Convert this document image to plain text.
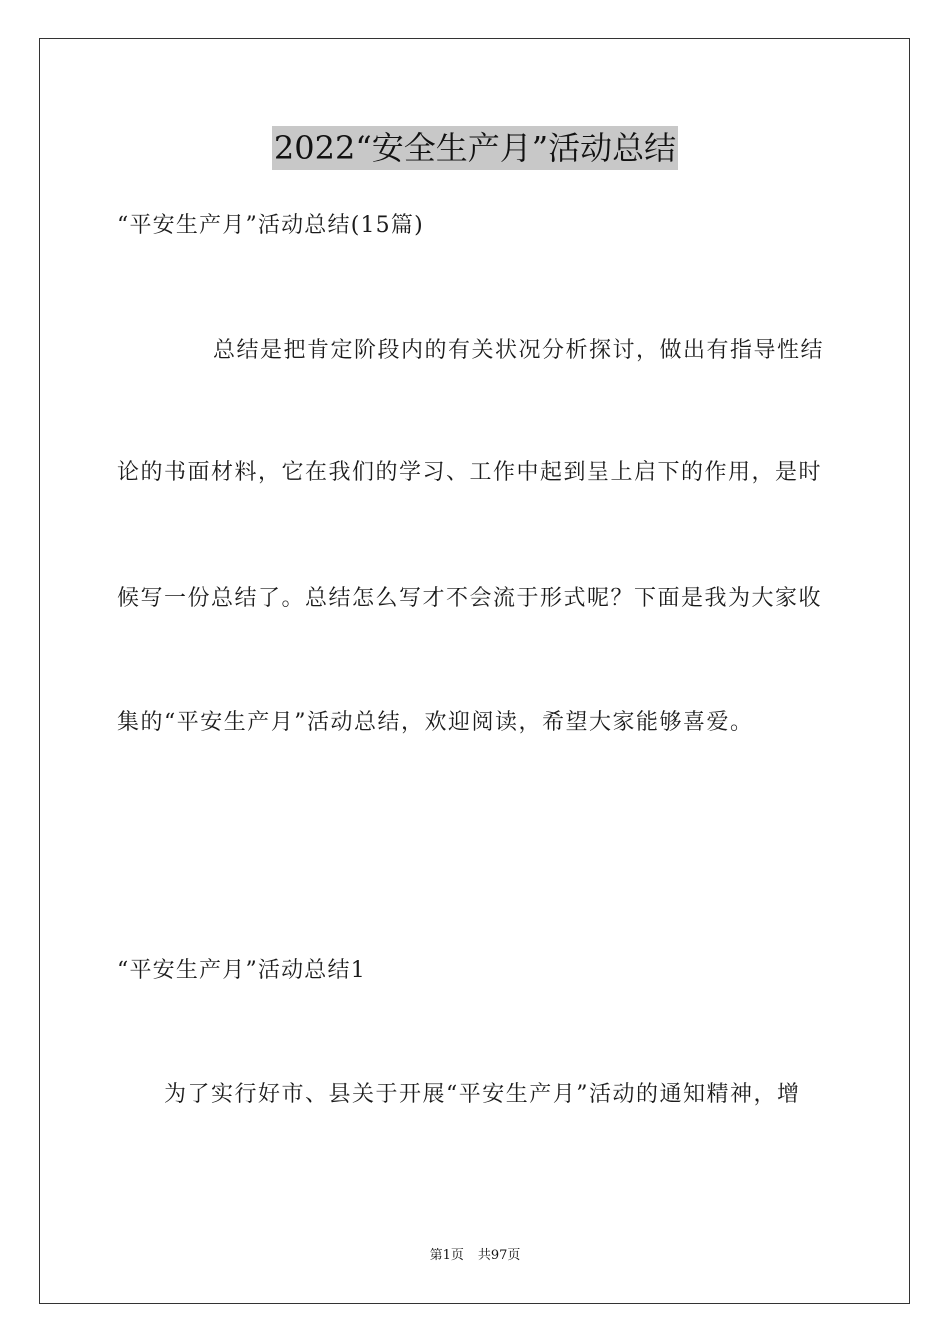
2022“安全生产月”活动总结
“平安生产月”活动总结(15篇)
总结是把肯定阶段内的有关状况分析探讨，做出有指导性结
论的书面材料，它在我们的学习、工作中起到呈上启下的作用，是时
候写一份总结了。总结怎么写才不会流于形式呢？下面是我为大家收
集的“平安生产月”活动总结，欢迎阅读，希望大家能够喜爱。
“平安生产月”活动总结1
为了实行好市、县关于开展“平安生产月”活动的通知精神，增
第1页 共97页
